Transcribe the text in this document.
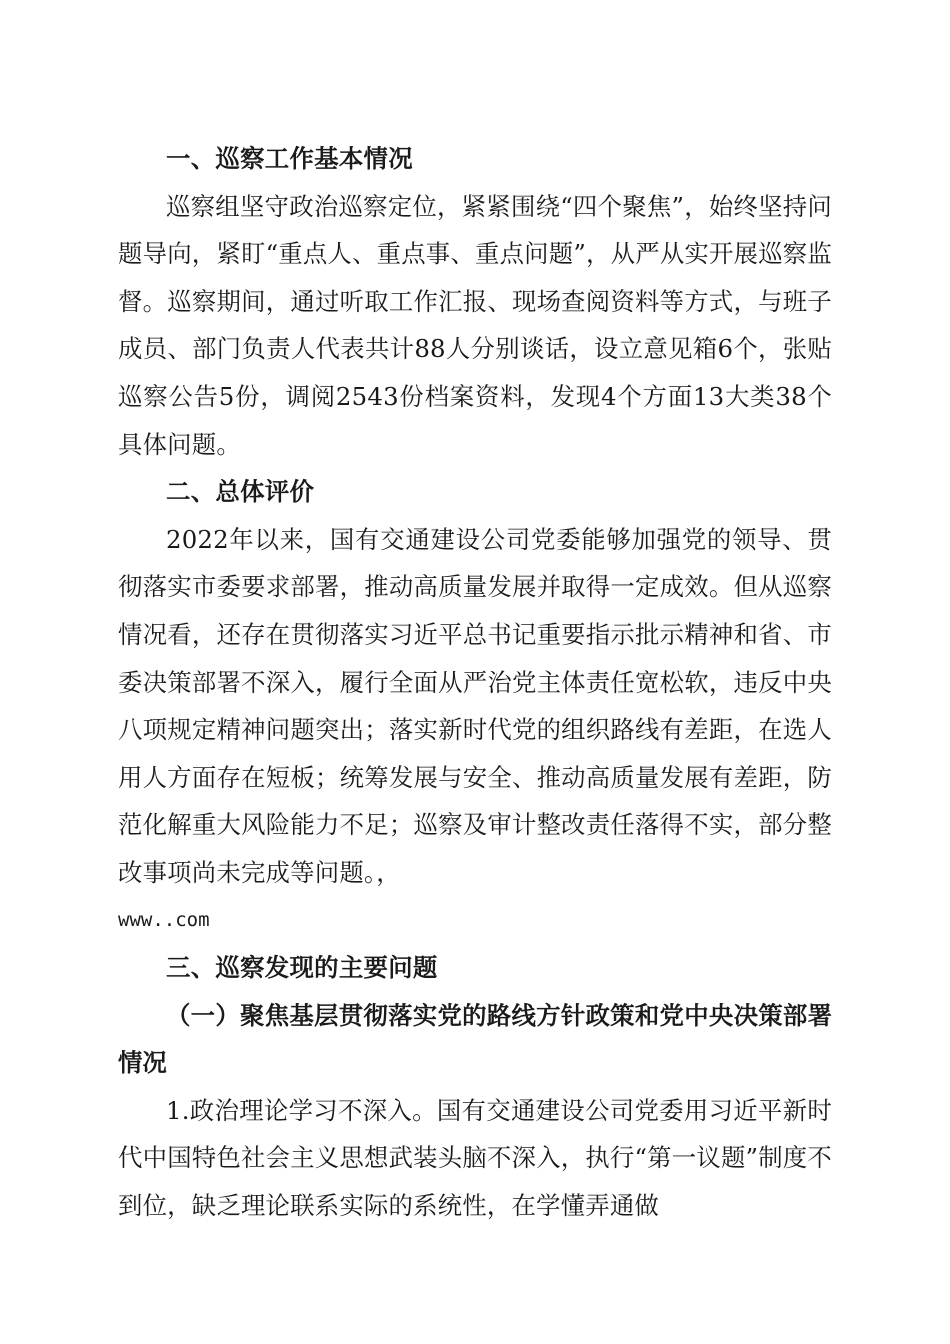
一、巡察工作基本情况

巡察组坚守政治巡察定位，紧紧围绕“四个聚焦”，始终坚持问题导向，紧盯“重点人、重点事、重点问题”，从严从实开展巡察监督。巡察期间，通过听取工作汇报、现场查阅资料等方式，与班子成员、部门负责人代表共计88人分别谈话，设立意见箱6个，张贴巡察公告5份，调阅2543份档案资料，发现4个方面13大类38个具体问题。

二、总体评价

2022年以来，国有交通建设公司党委能够加强党的领导、贯彻落实市委要求部署，推动高质量发展并取得一定成效。但从巡察情况看，还存在贯彻落实习近平总书记重要指示批示精神和省、市委决策部署不深入，履行全面从严治党主体责任宽松软，违反中央八项规定精神问题突出；落实新时代党的组织路线有差距，在选人用人方面存在短板；统筹发展与安全、推动高质量发展有差距，防范化解重大风险能力不足；巡察及审计整改责任落得不实，部分整改事项尚未完成等问题。，
www..com

三、巡察发现的主要问题

（一）聚焦基层贯彻落实党的路线方针政策和党中央决策部署情况

1.政治理论学习不深入。国有交通建设公司党委用习近平新时代中国特色社会主义思想武装头脑不深入，执行“第一议题”制度不到位，缺乏理论联系实际的系统性，在学懂弄通做
